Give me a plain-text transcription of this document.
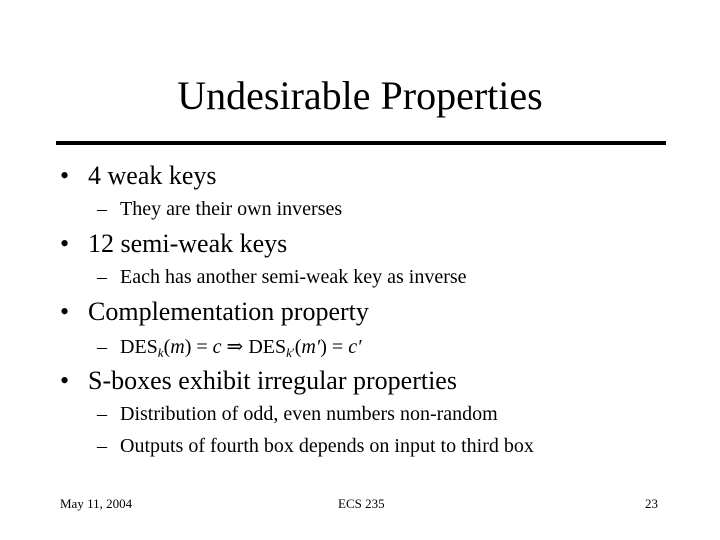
Undesirable Properties
• 4 weak keys
– They are their own inverses
• 12 semi-weak keys
– Each has another semi-weak key as inverse
• Complementation property
– $DES_k(m) = c$ ⇒ $DES_{k'}(m') = c'$
• S-boxes exhibit irregular properties
– Distribution of odd, even numbers non-random
– Outputs of fourth box depends on input to third box
May 11, 2004	ECS 235	23
